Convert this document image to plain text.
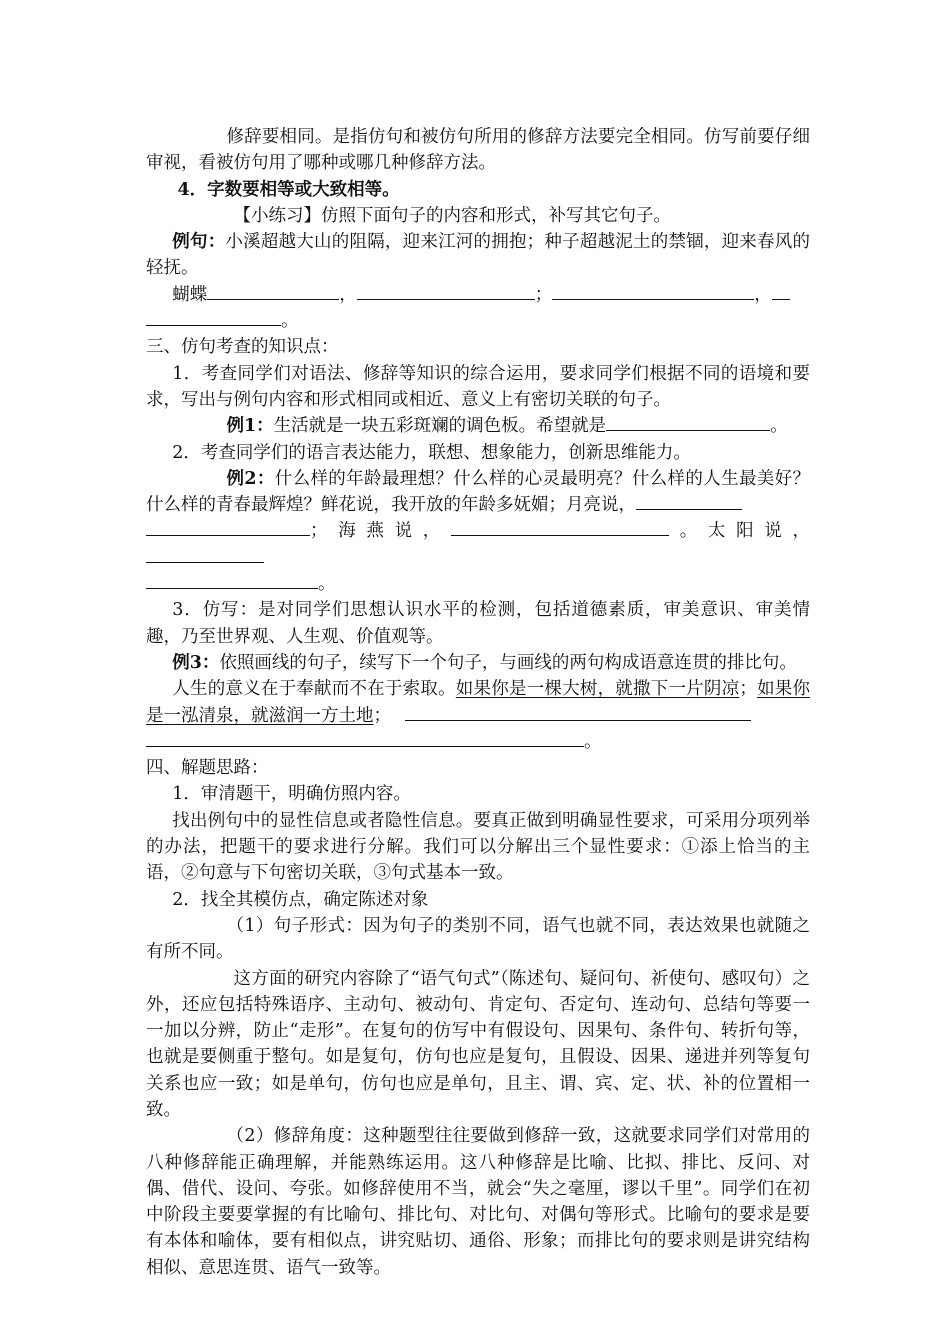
修辞要相同。是指仿句和被仿句所用的修辞方法要完全相同。仿写前要仔细审视，看被仿句用了哪种或哪几种修辞方法。

4．字数要相等或大致相等。

【小练习】仿照下面句子的内容和形式，补写其它句子。

例句：小溪超越大山的阻隔，迎来江河的拥抱；种子超越泥土的禁锢，迎来春风的轻抚。

蝴蝶	，	；	，
。

三、仿句考查的知识点：

1．考查同学们对语法、修辞等知识的综合运用，要求同学们根据不同的语境和要求，写出与例句内容和形式相同或相近、意义上有密切关联的句子。

例1：生活就是一块五彩斑斓的调色板。希望就是	。

2．考查同学们的语言表达能力，联想、想象能力，创新思维能力。

例2：什么样的年龄最理想？什么样的心灵最明亮？什么样的人生最美好？什么样的青春最辉煌？鲜花说，我开放的年龄多妩媚；月亮说，
；海燕说，	。太阳说，
。

3．仿写：是对同学们思想认识水平的检测，包括道德素质，审美意识、审美情趣，乃至世界观、人生观、价值观等。

例3：依照画线的句子，续写下一个句子，与画线的两句构成语意连贯的排比句。

人生的意义在于奉献而不在于索取。如果你是一棵大树，就撒下一片阴凉；如果你是一泓清泉，就滋润一方土地；
。

四、解题思路：

1．审清题干，明确仿照内容。

找出例句中的显性信息或者隐性信息。要真正做到明确显性要求，可采用分项列举的办法，把题干的要求进行分解。我们可以分解出三个显性要求：①添上恰当的主语，②句意与下句密切关联，③句式基本一致。

2．找全其模仿点，确定陈述对象

（1）句子形式：因为句子的类别不同，语气也就不同，表达效果也就随之有所不同。

这方面的研究内容除了“语气句式”（陈述句、疑问句、祈使句、感叹句）之外，还应包括特殊语序、主动句、被动句、肯定句、否定句、连动句、总结句等要一一加以分辨，防止“走形”。在复句的仿写中有假设句、因果句、条件句、转折句等，也就是要侧重于整句。如是复句，仿句也应是复句，且假设、因果、递进并列等复句关系也应一致；如是单句，仿句也应是单句，且主、谓、宾、定、状、补的位置相一致。

（2）修辞角度：这种题型往往要做到修辞一致，这就要求同学们对常用的八种修辞能正确理解，并能熟练运用。这八种修辞是比喻、比拟、排比、反问、对偶、借代、设问、夸张。如修辞使用不当，就会“失之毫厘，谬以千里”。同学们在初中阶段主要要掌握的有比喻句、排比句、对比句、对偶句等形式。比喻句的要求是要有本体和喻体，要有相似点，讲究贴切、通俗、形象；而排比句的要求则是讲究结构相似、意思连贯、语气一致等。
